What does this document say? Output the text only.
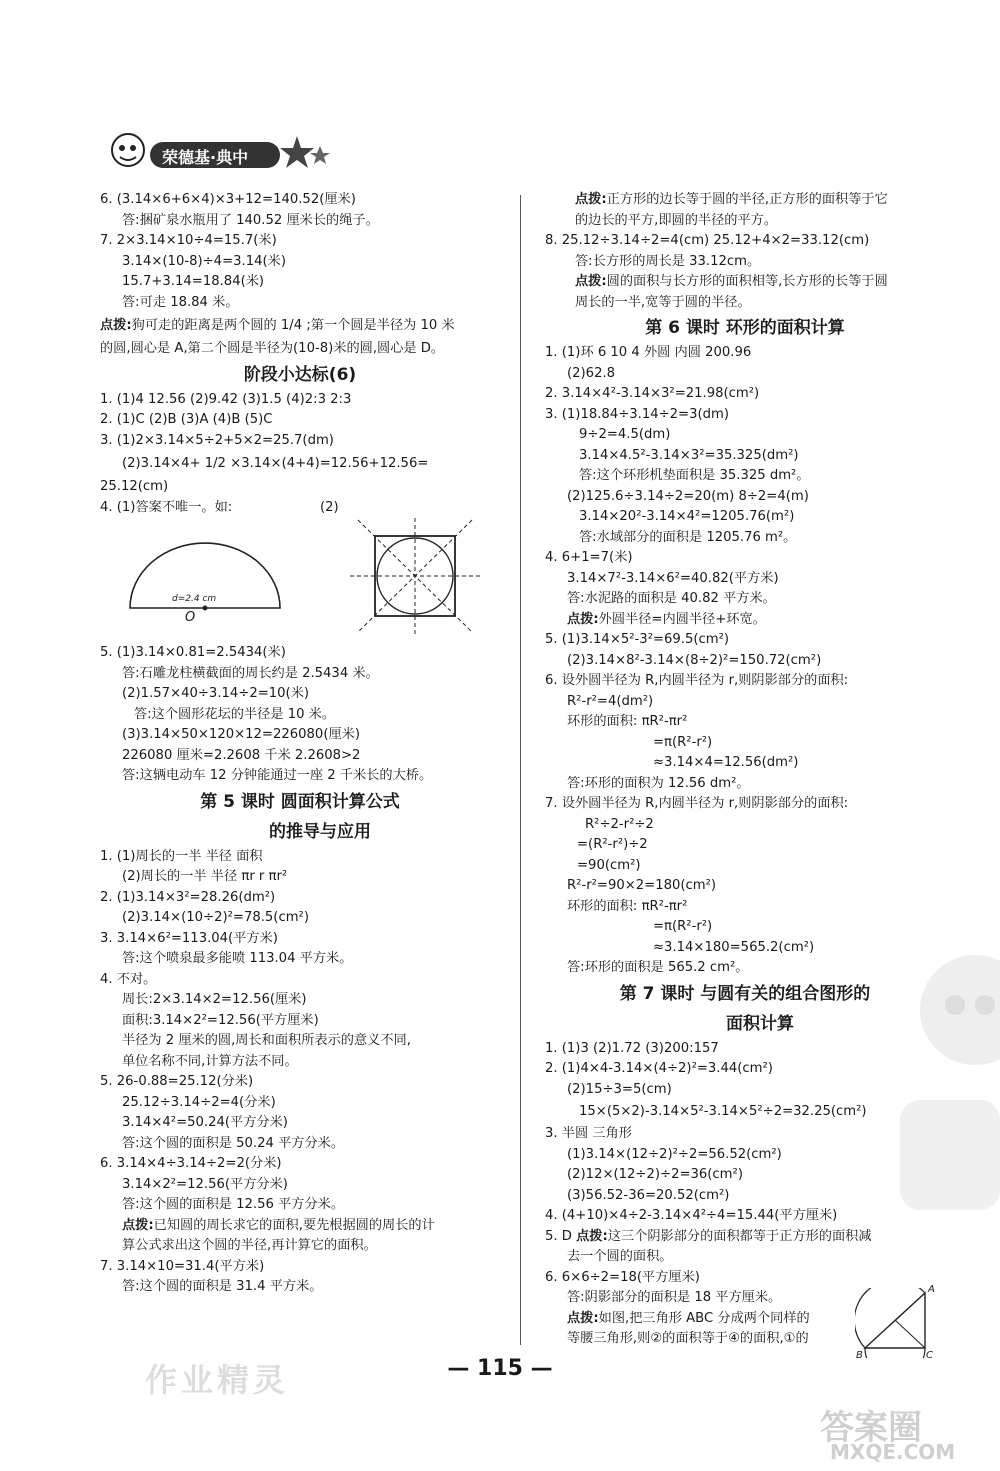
荣德基·典中
6. (3.14×6+6×4)×3+12=140.52(厘米)
答:捆矿泉水瓶用了 140.52 厘米长的绳子。
7. 2×3.14×10÷4=15.7(米)
3.14×(10-8)÷4=3.14(米)
15.7+3.14=18.84(米)
答:可走 18.84 米。
点拨:狗可走的距离是两个圆的 1/4 ;第一个圆是半径为 10 米
的圆,圆心是 A,第二个圆是半径为(10-8)米的圆,圆心是 D。
阶段小达标(6)
1. (1)4 12.56 (2)9.42 (3)1.5 (4)2:3 2:3
2. (1)C (2)B (3)A (4)B (5)C
3. (1)2×3.14×5÷2+5×2=25.7(dm)
(2)3.14×4+ 1/2 ×3.14×(4+4)=12.56+12.56=
25.12(cm)
4. (1)答案不唯一。如:	(2)
d=2.4 cm
O
5. (1)3.14×0.81=2.5434(米)
答:石雕龙柱横截面的周长约是 2.5434 米。
(2)1.57×40÷3.14÷2=10(米)
答:这个圆形花坛的半径是 10 米。
(3)3.14×50×120×12=226080(厘米)
226080 厘米=2.2608 千米 2.2608>2
答:这辆电动车 12 分钟能通过一座 2 千米长的大桥。
第 5 课时 圆面积计算公式
的推导与应用
1. (1)周长的一半 半径 面积
(2)周长的一半 半径 πr r πr²
2. (1)3.14×3²=28.26(dm²)
(2)3.14×(10÷2)²=78.5(cm²)
3. 3.14×6²=113.04(平方米)
答:这个喷泉最多能喷 113.04 平方米。
4. 不对。
周长:2×3.14×2=12.56(厘米)
面积:3.14×2²=12.56(平方厘米)
半径为 2 厘米的圆,周长和面积所表示的意义不同,
单位名称不同,计算方法不同。
5. 26-0.88=25.12(分米)
25.12÷3.14÷2=4(分米)
3.14×4²=50.24(平方分米)
答:这个圆的面积是 50.24 平方分米。
6. 3.14×4÷3.14÷2=2(分米)
3.14×2²=12.56(平方分米)
答:这个圆的面积是 12.56 平方分米。
点拨:已知圆的周长求它的面积,要先根据圆的周长的计
算公式求出这个圆的半径,再计算它的面积。
7. 3.14×10=31.4(平方米)
答:这个圆的面积是 31.4 平方米。
点拨:正方形的边长等于圆的半径,正方形的面积等于它
的边长的平方,即圆的半径的平方。
8. 25.12÷3.14÷2=4(cm) 25.12+4×2=33.12(cm)
答:长方形的周长是 33.12cm。
点拨:圆的面积与长方形的面积相等,长方形的长等于圆
周长的一半,宽等于圆的半径。
第 6 课时 环形的面积计算
1. (1)环 6 10 4 外圆 内圆 200.96
(2)62.8
2. 3.14×4²-3.14×3²=21.98(cm²)
3. (1)18.84÷3.14÷2=3(dm)
9÷2=4.5(dm)
3.14×4.5²-3.14×3²=35.325(dm²)
答:这个环形机垫面积是 35.325 dm²。
(2)125.6÷3.14÷2=20(m) 8÷2=4(m)
3.14×20²-3.14×4²=1205.76(m²)
答:水域部分的面积是 1205.76 m²。
4. 6+1=7(米)
3.14×7²-3.14×6²=40.82(平方米)
答:水泥路的面积是 40.82 平方米。
点拨:外圆半径=内圆半径+环宽。
5. (1)3.14×5²-3²=69.5(cm²)
(2)3.14×8²-3.14×(8÷2)²=150.72(cm²)
6. 设外圆半径为 R,内圆半径为 r,则阴影部分的面积:
R²-r²=4(dm²)
环形的面积: πR²-πr²
=π(R²-r²)
≈3.14×4=12.56(dm²)
答:环形的面积为 12.56 dm²。
7. 设外圆半径为 R,内圆半径为 r,则阴影部分的面积:
R²÷2-r²÷2
=(R²-r²)÷2
=90(cm²)
R²-r²=90×2=180(cm²)
环形的面积: πR²-πr²
=π(R²-r²)
≈3.14×180=565.2(cm²)
答:环形的面积是 565.2 cm²。
第 7 课时 与圆有关的组合图形的
面积计算
1. (1)3 (2)1.72 (3)200:157
2. (1)4×4-3.14×(4÷2)²=3.44(cm²)
(2)15÷3=5(cm)
15×(5×2)-3.14×5²-3.14×5²÷2=32.25(cm²)
3. 半圆 三角形
(1)3.14×(12÷2)²÷2=56.52(cm²)
(2)12×(12÷2)÷2=36(cm²)
(3)56.52-36=20.52(cm²)
4. (4+10)×4÷2-3.14×4²÷4=15.44(平方厘米)
5. D 点拨:这三个阴影部分的面积都等于正方形的面积减
去一个圆的面积。
6. 6×6÷2=18(平方厘米)
答:阴影部分的面积是 18 平方厘米。
点拨:如图,把三角形 ABC 分成两个同样的
等腰三角形,则②的面积等于④的面积,①的
A
B	C
— 115 —
作业精灵
答案圈
MXQE.COM
